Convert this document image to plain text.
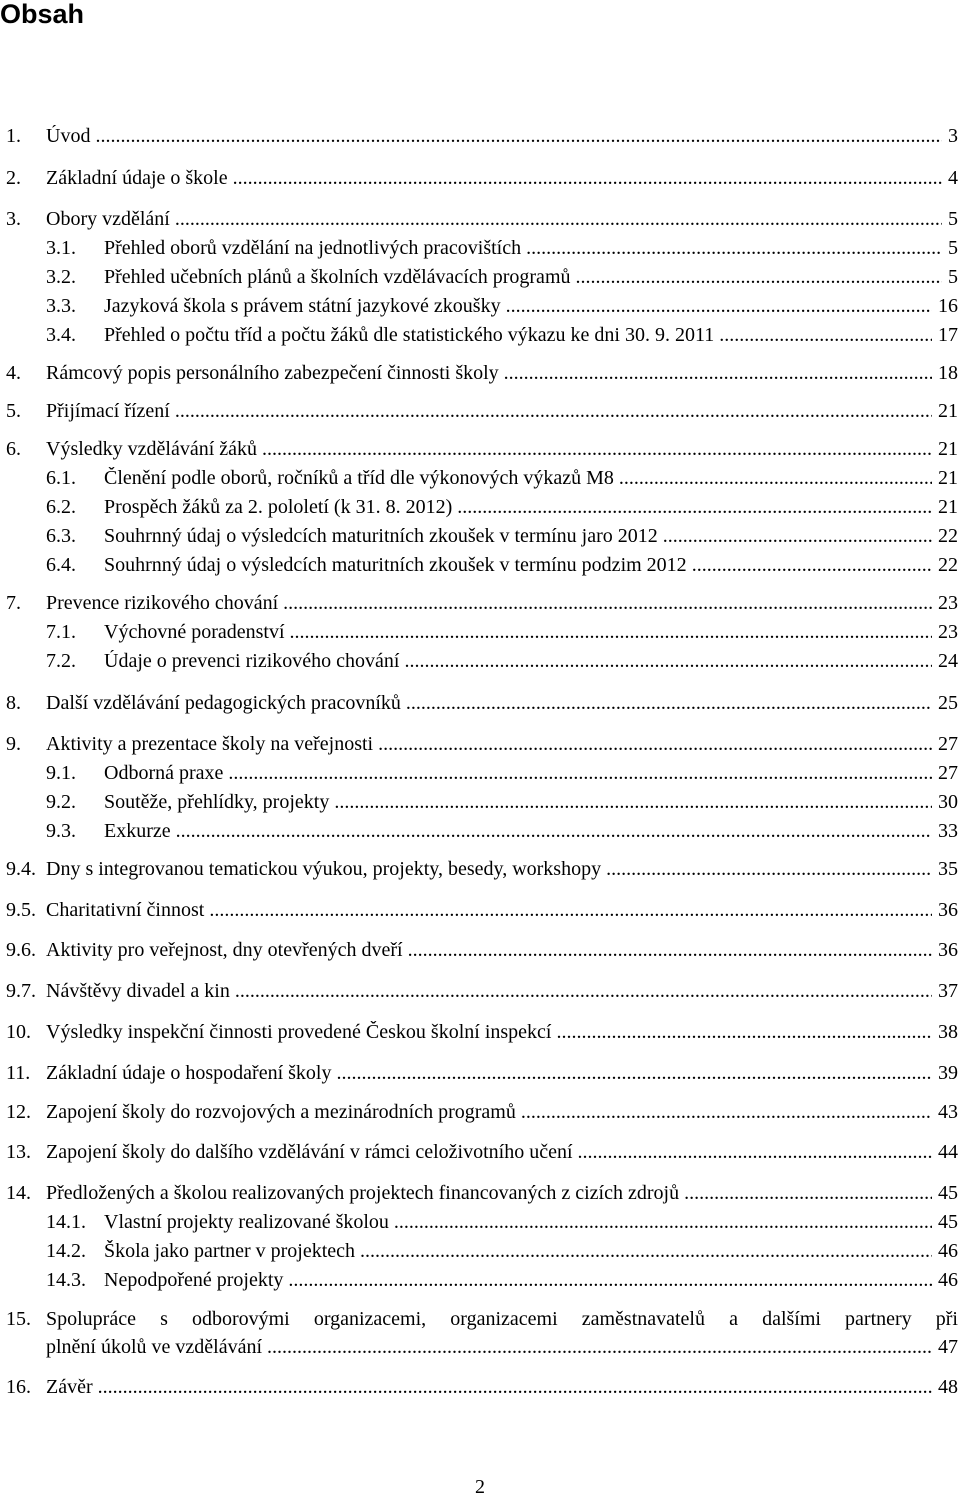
Obsah
1. Úvod .....	3
2. Základní údaje o škole .....	4
3. Obory vzdělání .....	5
3.1. Přehled oborů vzdělání na jednotlivých pracovištích .....	5
3.2. Přehled učebních plánů a školních vzdělávacích programů .....	5
3.3. Jazyková škola s právem státní jazykové zkoušky .....	16
3.4. Přehled o počtu tříd a počtu žáků dle statistického výkazu ke dni 30. 9. 2011 .....	17
4. Rámcový popis personálního zabezpečení činnosti školy .....	18
5. Přijímací řízení .....	21
6. Výsledky vzdělávání žáků .....	21
6.1. Členění podle oborů, ročníků a tříd dle výkonových výkazů M8 .....	21
6.2. Prospěch žáků za 2. pololetí (k 31. 8. 2012) .....	21
6.3. Souhrnný údaj o výsledcích maturitních zkoušek v termínu jaro 2012 .....	22
6.4. Souhrnný údaj o výsledcích maturitních zkoušek v termínu podzim 2012 .....	22
7. Prevence rizikového chování .....	23
7.1. Výchovné poradenství .....	23
7.2. Údaje o prevenci rizikového chování .....	24
8. Další vzdělávání pedagogických pracovníků .....	25
9. Aktivity a prezentace školy na veřejnosti .....	27
9.1. Odborná praxe .....	27
9.2. Soutěže, přehlídky, projekty .....	30
9.3. Exkurze .....	33
9.4. Dny s integrovanou tematickou výukou, projekty, besedy, workshopy .....	35
9.5. Charitativní činnost .....	36
9.6. Aktivity pro veřejnost, dny otevřených dveří .....	36
9.7. Návštěvy divadel a kin .....	37
10. Výsledky inspekční činnosti provedené Českou školní inspekcí .....	38
11. Základní údaje o hospodaření školy .....	39
12. Zapojení školy do rozvojových a mezinárodních programů .....	43
13. Zapojení školy do dalšího vzdělávání v rámci celoživotního učení .....	44
14. Předložených a školou realizovaných projektech financovaných z cizích zdrojů .....	45
14.1. Vlastní projekty realizované školou .....	45
14.2. Škola jako partner v projektech .....	46
14.3. Nepodpořené projekty .....	46
15. Spolupráce s odborovými organizacemi, organizacemi zaměstnavatelů a dalšími partnery při
plnění úkolů ve vzdělávání .....	47
16. Závěr .....	48
2
